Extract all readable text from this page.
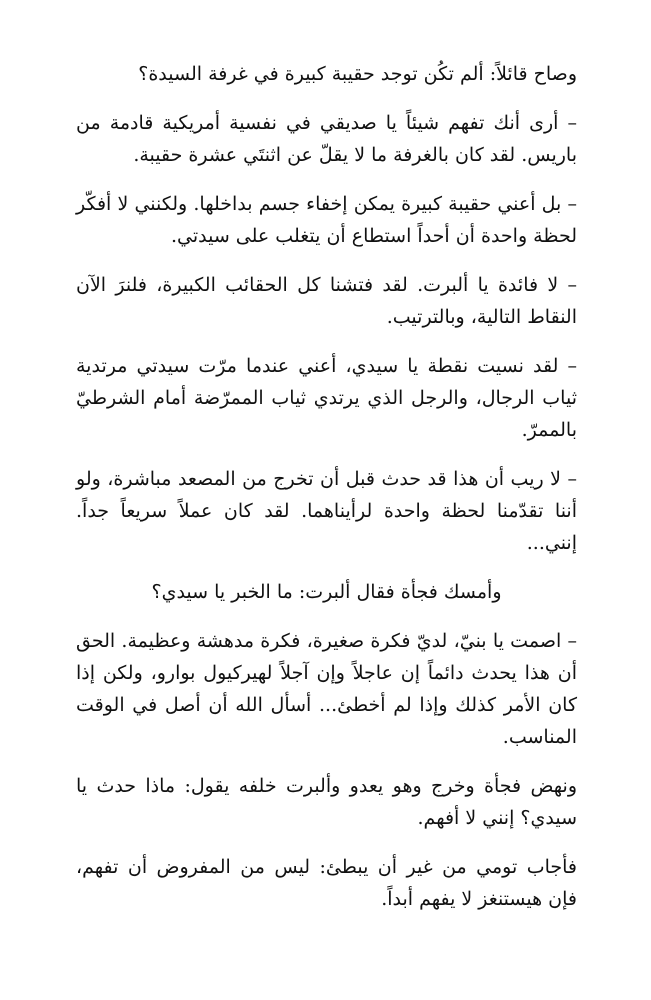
وصاح قائلاً: ألم تكُن توجد حقيبة كبيرة في غرفة السيدة؟

– أرى أنك تفهم شيئاً يا صديقي في نفسية أمريكية قادمة من باريس. لقد كان بالغرفة ما لا يقلّ عن اثنتَي عشرة حقيبة.

– بل أعني حقيبة كبيرة يمكن إخفاء جسم بداخلها. ولكنني لا أفكّر لحظة واحدة أن أحداً استطاع أن يتغلب على سيدتي.

– لا فائدة يا ألبرت. لقد فتشنا كل الحقائب الكبيرة، فلنرَ الآن النقاط التالية، وبالترتيب.

– لقد نسيت نقطة يا سيدي، أعني عندما مرّت سيدتي مرتدية ثياب الرجال، والرجل الذي يرتدي ثياب الممرّضة أمام الشرطيّ بالممرّ.

– لا ريب أن هذا قد حدث قبل أن تخرج من المصعد مباشرة، ولو أننا تقدّمنا لحظة واحدة لرأيناهما. لقد كان عملاً سريعاً جداً. إنني...

وأمسك فجأة فقال ألبرت: ما الخبر يا سيدي؟

– اصمت يا بنيّ، لديّ فكرة صغيرة، فكرة مدهشة وعظيمة. الحق أن هذا يحدث دائماً إن عاجلاً وإن آجلاً لهيركيول بوارو، ولكن إذا كان الأمر كذلك وإذا لم أخطئ... أسأل الله أن أصل في الوقت المناسب.

ونهض فجأة وخرج وهو يعدو وألبرت خلفه يقول: ماذا حدث يا سيدي؟ إنني لا أفهم.

فأجاب تومي من غير أن يبطئ: ليس من المفروض أن تفهم، فإن هيستنغز لا يفهم أبداً.
